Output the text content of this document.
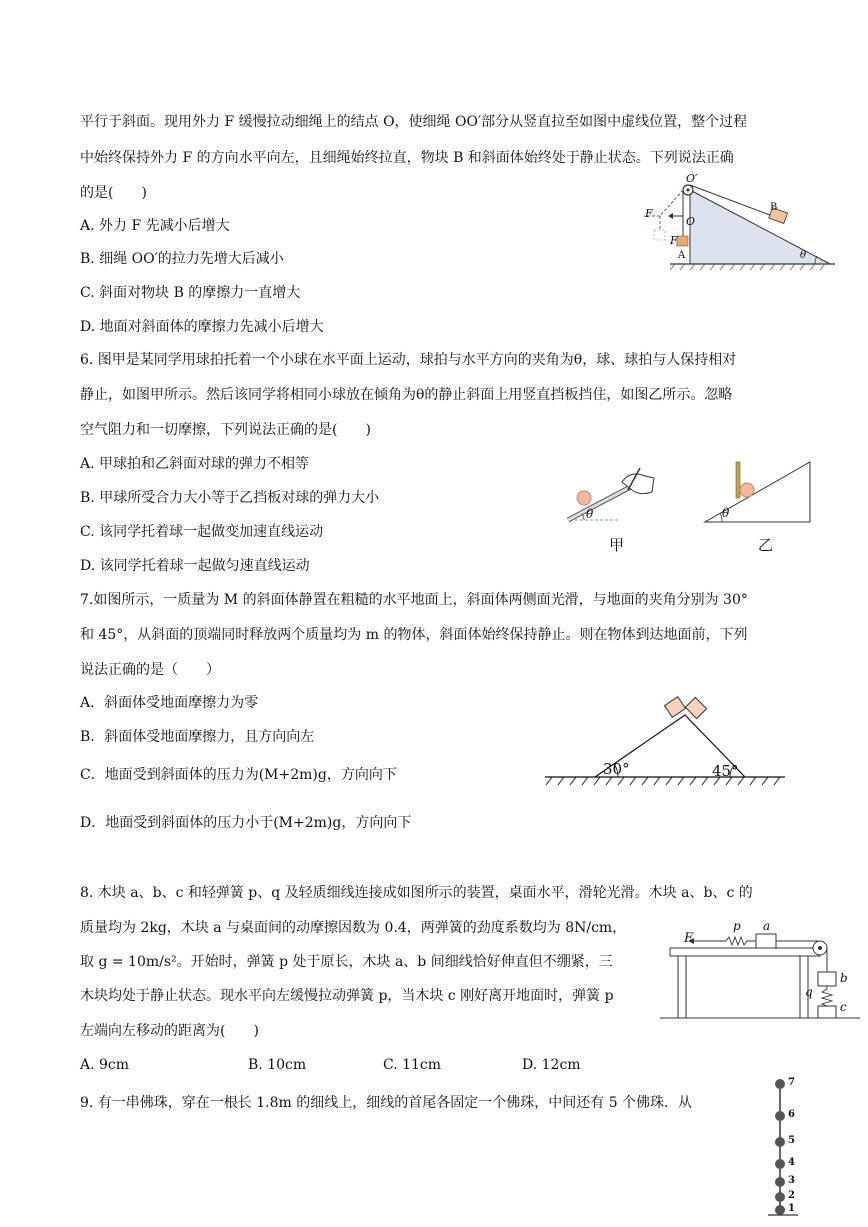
平行于斜面。现用外力 F 缓慢拉动细绳上的结点 O，使细绳 OO′部分从竖直拉至如图中虚线位置，整个过程
中始终保持外力 F 的方向水平向左，且细绳始终拉直，物块 B 和斜面体始终处于静止状态。下列说法正确
的是(　　)
A. 外力 F 先减小后增大
B. 细绳 OO′的拉力先增大后减小
C. 斜面对物块 B 的摩擦力一直增大
D. 地面对斜面体的摩擦力先减小后增大
O′
F
F
O
A
B
θ
6. 图甲是某同学用球拍托着一个小球在水平面上运动，球拍与水平方向的夹角为θ，球、球拍与人保持相对
静止，如图甲所示。然后该同学将相同小球放在倾角为θ的静止斜面上用竖直挡板挡住，如图乙所示。忽略
空气阻力和一切摩擦，下列说法正确的是(　　)
A. 甲球拍和乙斜面对球的弹力不相等
B. 甲球所受合力大小等于乙挡板对球的弹力大小
C. 该同学托着球一起做变加速直线运动
D. 该同学托着球一起做匀速直线运动
θ
甲
θ
乙
7.如图所示，一质量为 M 的斜面体静置在粗糙的水平地面上，斜面体两侧面光滑，与地面的夹角分别为 30°
和 45°，从斜面的顶端同时释放两个质量均为 m 的物体，斜面体始终保持静止。则在物体到达地面前，下列
说法正确的是（　　）
A．斜面体受地面摩擦力为零
B．斜面体受地面摩擦力，且方向向左
C．地面受到斜面体的压力为(M+2m)g，方向向下
D．地面受到斜面体的压力小于(M+2m)g，方向向下
30°	45°
8. 木块 a、b、c 和轻弹簧 p、q 及轻质细线连接成如图所示的装置，桌面水平，滑轮光滑。木块 a、b、c 的
质量均为 2kg，木块 a 与桌面间的动摩擦因数为 0.4，两弹簧的劲度系数均为 8N/cm，
取 g = 10m/s²。开始时，弹簧 p 处于原长，木块 a、b 间细线恰好伸直但不绷紧，三
木块均处于静止状态。现水平向左缓慢拉动弹簧 p，当木块 c 刚好离开地面时，弹簧 p
左端向左移动的距离为(　　)
A. 9cm	B. 10cm	C. 11cm	D. 12cm
F
p a
b
q
c
9. 有一串佛珠，穿在一根长 1.8m 的细线上，细线的首尾各固定一个佛珠，中间还有 5 个佛珠．从
7
6
5
4
3
2
1
